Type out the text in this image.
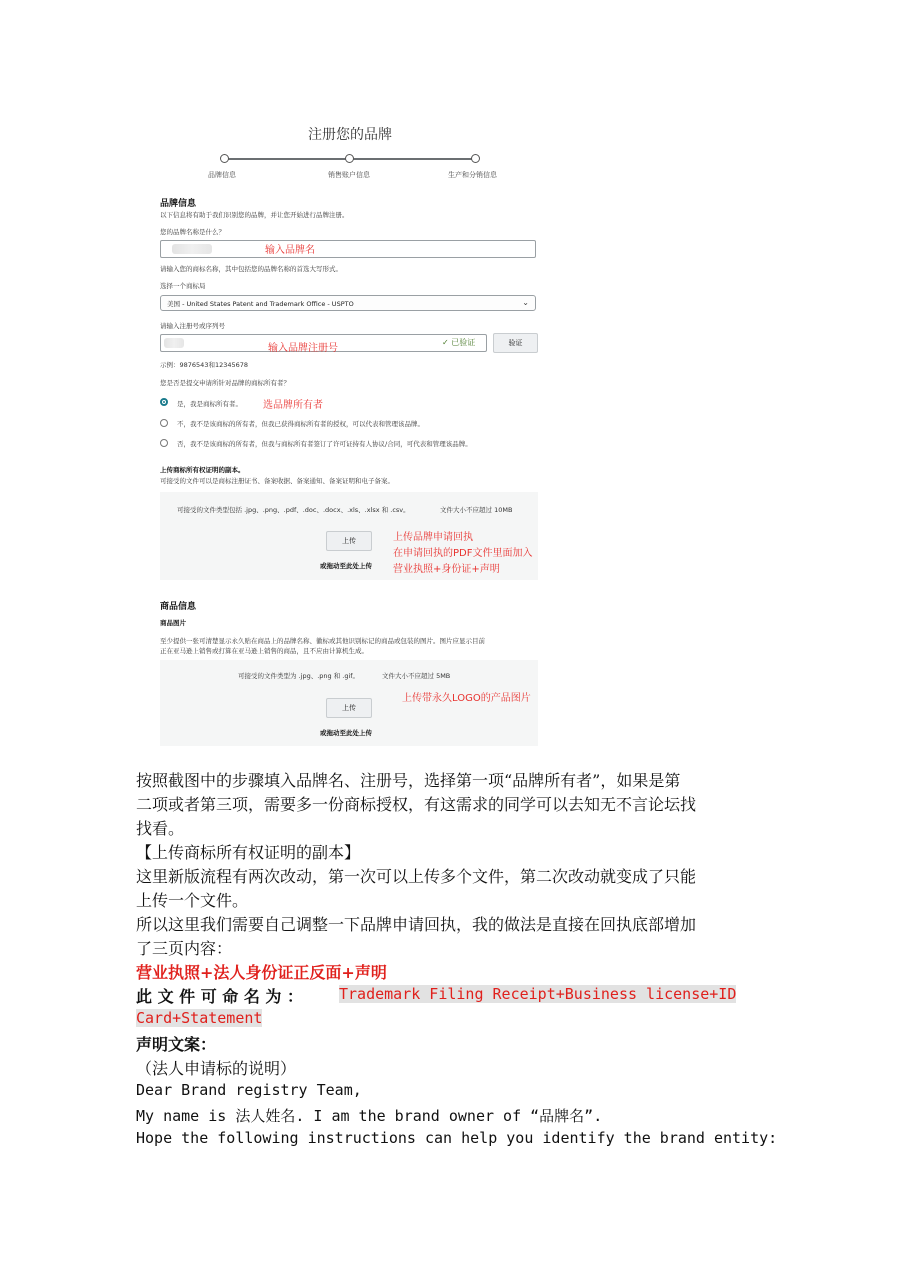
注册您的品牌
品牌信息	销售账户信息	生产和分销信息
品牌信息
以下信息将有助于我们识别您的品牌，并让您开始进行品牌注册。
您的品牌名称是什么？
输入品牌名
请输入您的商标名称，其中包括您的品牌名称的首选大写形式。
选择一个商标局
美国 - United States Patent and Trademark Office - USPTO	⌄
请输入注册号或序列号
输入品牌注册号
✓ 已验证	验证
示例：9876543和12345678
您是否是提交申请所针对品牌的商标所有者？
是，我是商标所有者。 选品牌所有者
不，我不是该商标的所有者，但我已获得商标所有者的授权，可以代表和管理该品牌。
否，我不是该商标的所有者，但我与商标所有者签订了许可证持有人协议/合同，可代表和管理该品牌。
上传商标所有权证明的副本。
可接受的文件可以是商标注册证书、备案收据、备案通知、备案证明和电子备案。
可接受的文件类型包括 .jpg、.png、.pdf、.doc、.docx、.xls、.xlsx 和 .csv。	文件大小不应超过 10MB
上传
或拖动至此处上传
上传品牌申请回执
在申请回执的PDF文件里面加入
营业执照+身份证+声明
商品信息
商品图片
至少提供一张可清楚显示永久贴在商品上的品牌名称、徽标或其他识别标记的商品或包装的图片。图片应显示目前
正在亚马逊上销售或打算在亚马逊上销售的商品，且不应由计算机生成。
可接受的文件类型为 .jpg、.png 和 .gif。	文件大小不应超过 5MB
上传带永久LOGO的产品图片
上传
或拖动至此处上传
按照截图中的步骤填入品牌名、注册号，选择第一项“品牌所有者”，如果是第
二项或者第三项，需要多一份商标授权，有这需求的同学可以去知无不言论坛找
找看。
【上传商标所有权证明的副本】
这里新版流程有两次改动，第一次可以上传多个文件，第二次改动就变成了只能
上传一个文件。
所以这里我们需要自己调整一下品牌申请回执，我的做法是直接在回执底部增加
了三页内容：
营业执照+法人身份证正反面+声明
此 文 件 可 命 名 为 ： Trademark Filing Receipt+Business license+ID
Card+Statement
声明文案：
（法人申请标的说明）
Dear Brand registry Team,
My name is 法人姓名. I am the brand owner of “品牌名”.
Hope the following instructions can help you identify the brand entity:
